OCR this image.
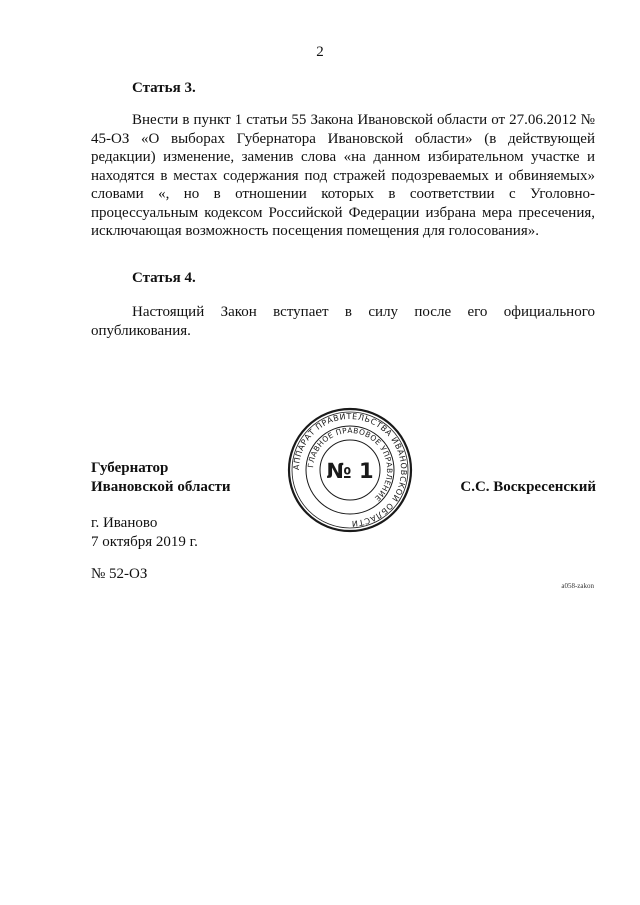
2
Статья 3.

Внести в пункт 1 статьи 55 Закона Ивановской области от 27.06.2012 № 45-ОЗ «О выборах Губернатора Ивановской области» (в действующей редакции) изменение, заменив слова «на данном избирательном участке и находятся в местах содержания под стражей подозреваемых и обвиняемых» словами «, но в отношении которых в соответствии с Уголовно-процессуальным кодексом Российской Федерации избрана мера пресечения, исключающая возможность посещения помещения для голосования».

Статья 4.

Настоящий Закон вступает в силу после его официального опубликования.

Губернатор
Ивановской области
АППАРАТ ПРАВИТЕЛЬСТВА ИВАНОВСКОЙ ОБЛАСТИ
ГЛАВНОЕ ПРАВОВОЕ УПРАВЛЕНИЕ
№ 1
С.С. Воскресенский
г. Иваново
7 октября 2019 г.
№ 52-ОЗ
a058-zakon
